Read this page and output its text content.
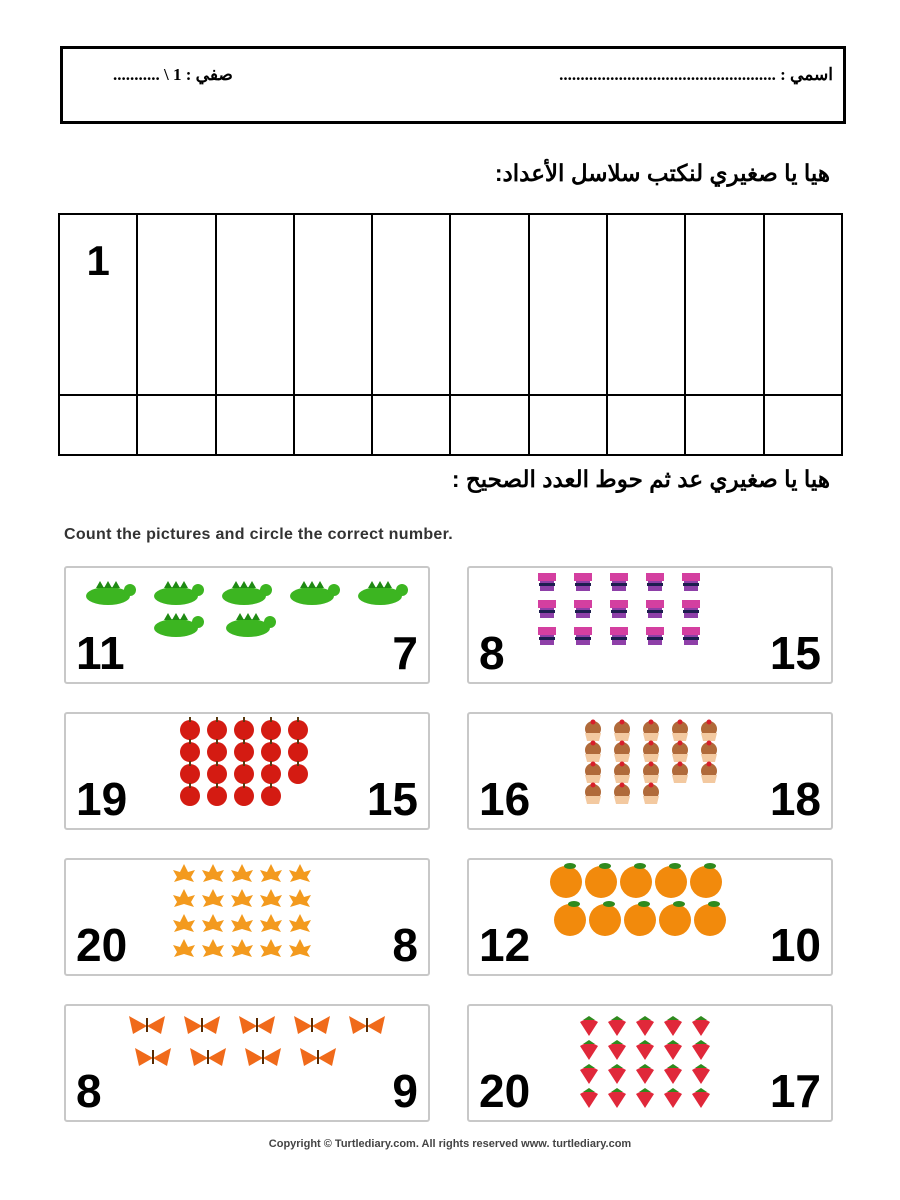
اسمي : ...................................................
صفي : 1 \ ...........
هيا يا صغيري لنكتب سلاسل الأعداد:
1									

هيا يا صغيري عد ثم حوط العدد الصحيح :
Count the pictures and circle the correct number.
11	7 8	15
19	15 16	18
20	8 12	10
8	9 20	17
Copyright © Turtlediary.com. All rights reserved www. turtlediary.com
